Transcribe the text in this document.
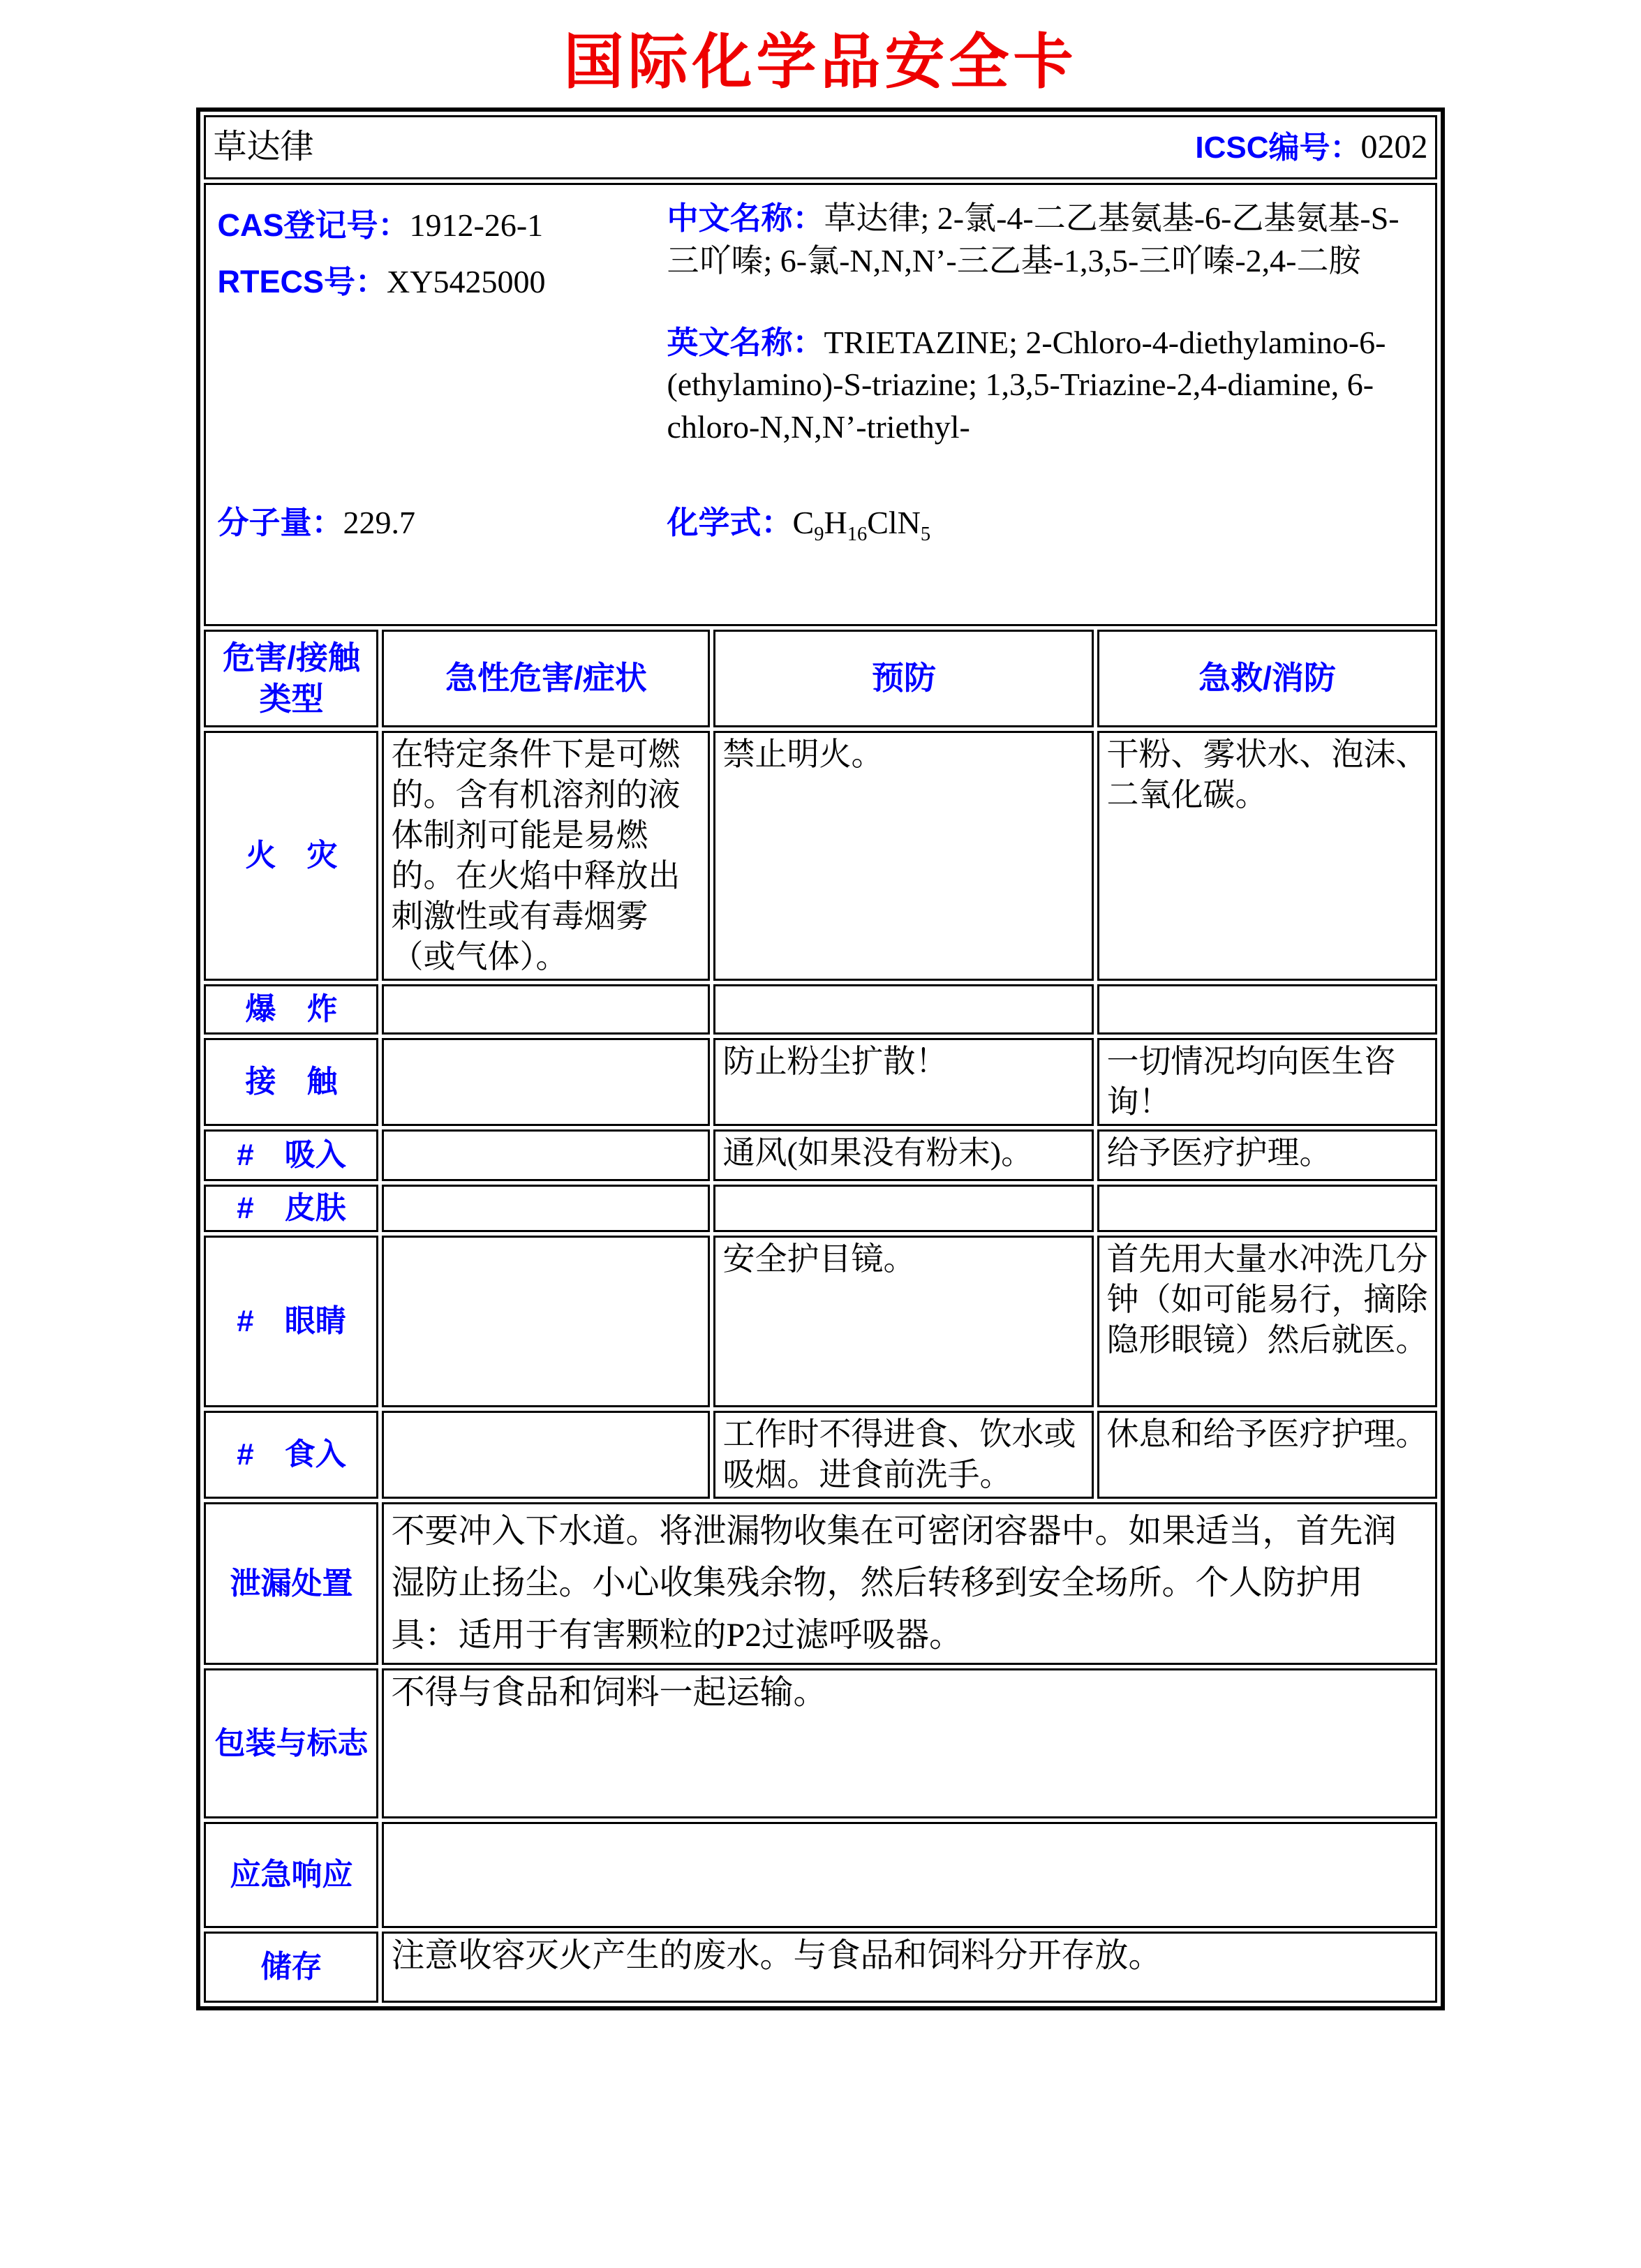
国际化学品安全卡
草达律 ICSC编号：0202			

CAS登记号：1912-26-1
RTECS号：XY5425000
分子量：229.7
中文名称：草达律; 2-氯-4-二乙基氨基-6-乙基氨基-S-三吖嗪; 6-氯-N,N,N’-三乙基-1,3,5-三吖嗪-2,4-二胺
英文名称：TRIETAZINE; 2-Chloro-4-diethylamino-6-(ethylamino)-S-triazine; 1,3,5-Triazine-2,4-diamine, 6-chloro-N,N,N’-triethyl-
化学式：$C_9H_{16}ClN_5$

危害/接触类型	急性危害/症状	预防	急救/消防
火　灾	在特定条件下是可燃的。含有机溶剂的液体制剂可能是易燃的。在火焰中释放出刺激性或有毒烟雾（或气体）。	禁止明火。	干粉、雾状水、泡沫、二氧化碳。
爆　炸			
接　触		防止粉尘扩散！	一切情况均向医生咨询！
#　吸入		通风(如果没有粉末)。	给予医疗护理。
#　皮肤			
#　眼睛		安全护目镜。	首先用大量水冲洗几分钟（如可能易行，摘除隐形眼镜）然后就医。
#　食入		工作时不得进食、饮水或吸烟。进食前洗手。	休息和给予医疗护理。
泄漏处置	不要冲入下水道。将泄漏物收集在可密闭容器中。如果适当，首先润湿防止扬尘。小心收集残余物，然后转移到安全场所。个人防护用具：适用于有害颗粒的P2过滤呼吸器。		
包装与标志	不得与食品和饲料一起运输。		
应急响应			
储存	注意收容灭火产生的废水。与食品和饲料分开存放。		
